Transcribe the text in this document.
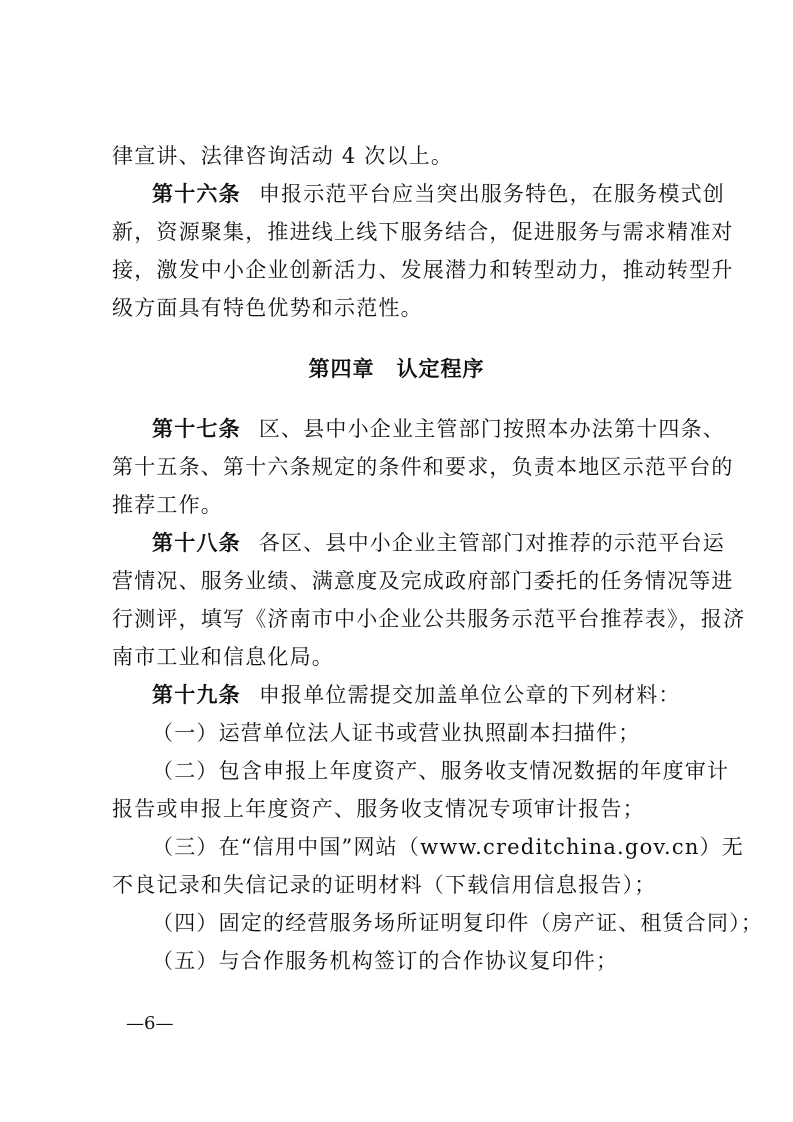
律宣讲、法律咨询活动 4 次以上。
第十六条 申报示范平台应当突出服务特色，在服务模式创
新，资源聚集，推进线上线下服务结合，促进服务与需求精准对
接，激发中小企业创新活力、发展潜力和转型动力，推动转型升
级方面具有特色优势和示范性。
第四章　认定程序
第十七条 区、县中小企业主管部门按照本办法第十四条、
第十五条、第十六条规定的条件和要求，负责本地区示范平台的
推荐工作。
第十八条 各区、县中小企业主管部门对推荐的示范平台运
营情况、服务业绩、满意度及完成政府部门委托的任务情况等进
行测评，填写《济南市中小企业公共服务示范平台推荐表》，报济
南市工业和信息化局。
第十九条 申报单位需提交加盖单位公章的下列材料：
（一）运营单位法人证书或营业执照副本扫描件；
（二）包含申报上年度资产、服务收支情况数据的年度审计
报告或申报上年度资产、服务收支情况专项审计报告；
（三）在“信用中国”网站（www.creditchina.gov.cn）无
不良记录和失信记录的证明材料（下载信用信息报告）；
（四）固定的经营服务场所证明复印件（房产证、租赁合同）；
（五）与合作服务机构签订的合作协议复印件；
—6—
